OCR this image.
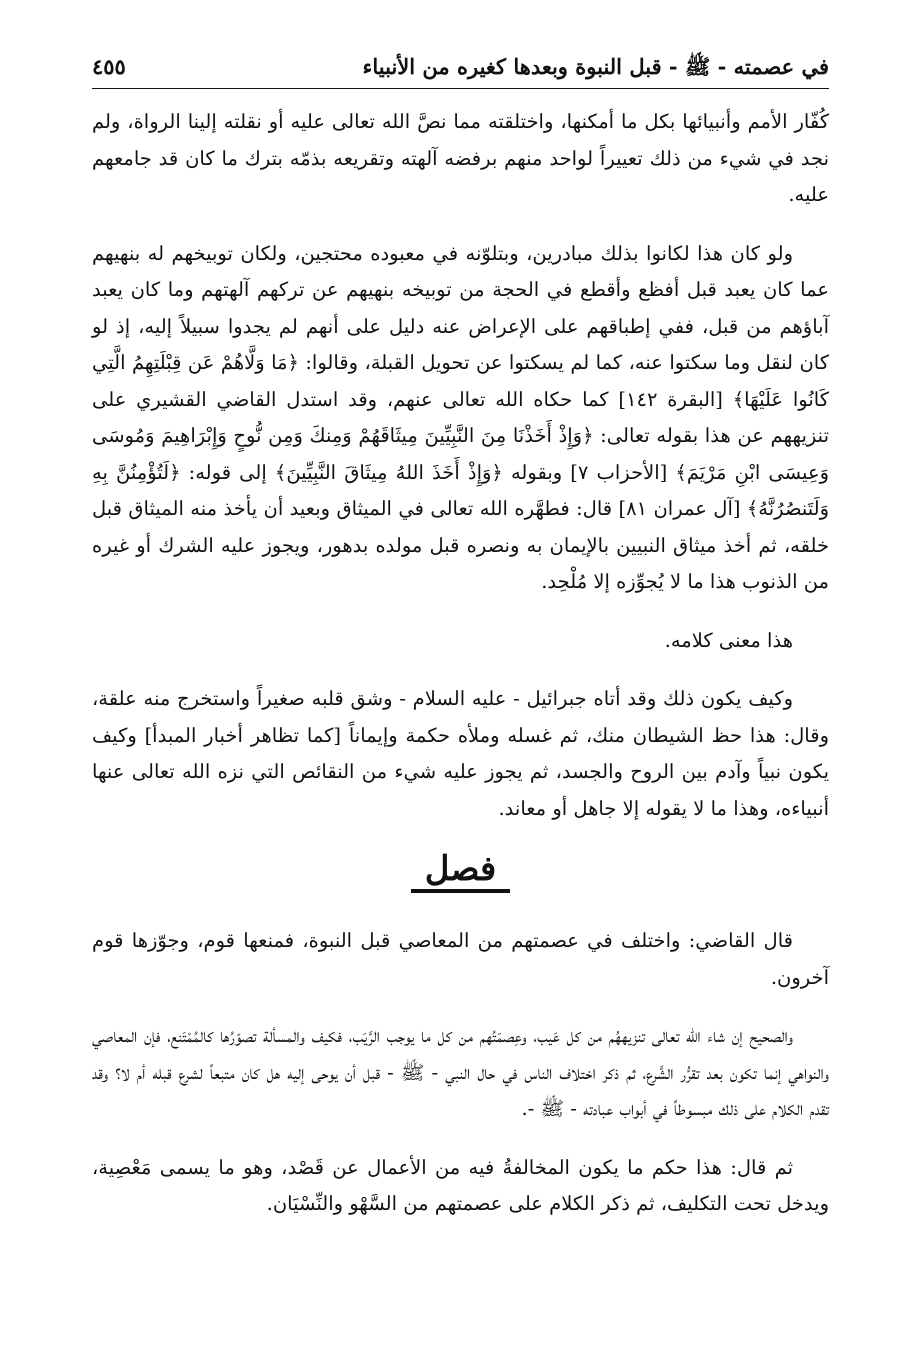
في عصمته - ﷺ - قبل النبوة وبعدها كغيره من الأنبياء
٤٥٥

كُفّار الأمم وأنبيائها بكل ما أمكنها، واختلقته مما نصَّ الله تعالى عليه أو نقلته إلينا الرواة، ولم نجد في شيء من ذلك تعييراً لواحد منهم برفضه آلهته وتقريعه بذمّه بترك ما كان قد جامعهم عليه.

ولو كان هذا لكانوا بذلك مبادرين، وبتلوّنه في معبوده محتجين، ولكان توبيخهم له بنهيهم عما كان يعبد قبل أفظع وأقطع في الحجة من توبيخه بنهيهم عن تركهم آلهتهم وما كان يعبد آباؤهم من قبل، ففي إطباقهم على الإعراض عنه دليل على أنهم لم يجدوا سبيلاً إليه، إذ لو كان لنقل وما سكتوا عنه، كما لم يسكتوا عن تحويل القبلة، وقالوا: ﴿مَا وَلَّاهُمْ عَن قِبْلَتِهِمُ الَّتِي كَانُوا عَلَيْهَا﴾ [البقرة ١٤٢] كما حكاه الله تعالى عنهم، وقد استدل القاضي القشيري على تنزيههم عن هذا بقوله تعالى: ﴿وَإِذْ أَخَذْنَا مِنَ النَّبِيِّينَ مِيثَاقَهُمْ وَمِنكَ وَمِن نُّوحٍ وَإِبْرَاهِيمَ وَمُوسَى وَعِيسَى ابْنِ مَرْيَمَ﴾ [الأحزاب ٧] وبقوله ﴿وَإِذْ أَخَذَ اللهُ مِيثَاقَ النَّبِيِّينَ﴾ إلى قوله: ﴿لَتُؤْمِنُنَّ بِهِ وَلَتَنصُرُنَّهُ﴾ [آل عمران ٨١] قال: فطهَّره الله تعالى في الميثاق وبعيد أن يأخذ منه الميثاق قبل خلقه، ثم أخذ ميثاق النبيين بالإيمان به ونصره قبل مولده بدهور، ويجوز عليه الشرك أو غيره من الذنوب هذا ما لا يُجوِّزه إلا مُلْحِد.

هذا معنى كلامه.

وكيف يكون ذلك وقد أتاه جبرائيل - عليه السلام - وشق قلبه صغيراً واستخرج منه علقة، وقال: هذا حظ الشيطان منك، ثم غسله وملأه حكمة وإيماناً [كما تظاهر أخبار المبدأ] وكيف يكون نبياً وآدم بين الروح والجسد، ثم يجوز عليه شيء من النقائص التي نزه الله تعالى عنها أنبياءه، وهذا ما لا يقوله إلا جاهل أو معاند.

فصل

قال القاضي: واختلف في عصمتهم من المعاصي قبل النبوة، فمنعها قوم، وجوّزها قوم آخرون.

والصحيح إن شاء الله تعالى تنزيههُم من كل عَيب، وعِصمَتُهم من كل ما يوجب الرَّيَب، فكيف والمسألة تصوّرُها كالمُمْتَنع، فإن المعاصي والنواهي إنما تكون بعد تقرُّر الشَّرع، ثم ذكر اختلاف الناس في حال النبي - ﷺ - قبل أن يوحى إليه هل كان متبعاً لشرع قبله أم لا؟ وقد تقدم الكلام على ذلك مبسوطاً في أبواب عبادته - ﷺ -.

ثم قال: هذا حكم ما يكون المخالفةُ فيه من الأعمال عن قَصْد، وهو ما يسمى مَعْصِية، ويدخل تحت التكليف، ثم ذكر الكلام على عصمتهم من السَّهْو والنِّسْيَان.
